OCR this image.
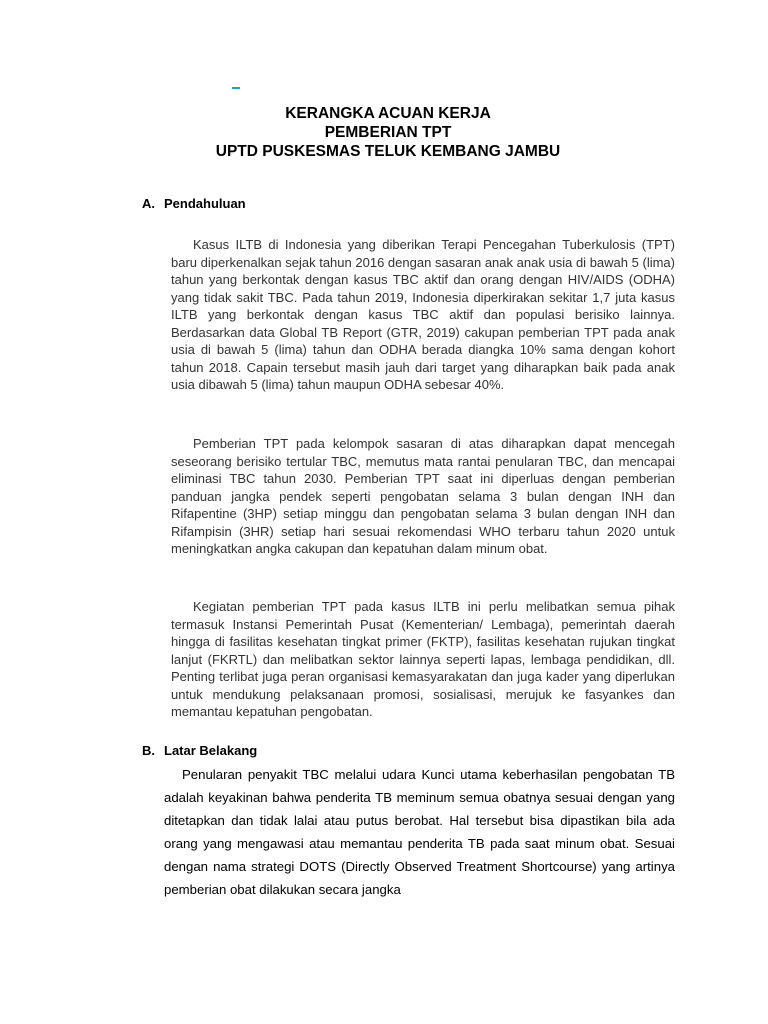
KERANGKA ACUAN KERJA
PEMBERIAN TPT
UPTD PUSKESMAS TELUK KEMBANG JAMBU
A. Pendahuluan

Kasus ILTB di Indonesia yang diberikan Terapi Pencegahan Tuberkulosis (TPT) baru diperkenalkan sejak tahun 2016 dengan sasaran anak anak usia di bawah 5 (lima) tahun yang berkontak dengan kasus TBC aktif dan orang dengan HIV/AIDS (ODHA) yang tidak sakit TBC. Pada tahun 2019, Indonesia diperkirakan sekitar 1,7 juta kasus ILTB yang berkontak dengan kasus TBC aktif dan populasi berisiko lainnya. Berdasarkan data Global TB Report (GTR, 2019) cakupan pemberian TPT pada anak usia di bawah 5 (lima) tahun dan ODHA berada diangka 10% sama dengan kohort tahun 2018. Capain tersebut masih jauh dari target yang diharapkan baik pada anak usia dibawah 5 (lima) tahun maupun ODHA sebesar 40%.

Pemberian TPT pada kelompok sasaran di atas diharapkan dapat mencegah seseorang berisiko tertular TBC, memutus mata rantai penularan TBC, dan mencapai eliminasi TBC tahun 2030. Pemberian TPT saat ini diperluas dengan pemberian panduan jangka pendek seperti pengobatan selama 3 bulan dengan INH dan Rifapentine (3HP) setiap minggu dan pengobatan selama 3 bulan dengan INH dan Rifampisin (3HR) setiap hari sesuai rekomendasi WHO terbaru tahun 2020 untuk meningkatkan angka cakupan dan kepatuhan dalam minum obat.

Kegiatan pemberian TPT pada kasus ILTB ini perlu melibatkan semua pihak termasuk Instansi Pemerintah Pusat (Kementerian/ Lembaga), pemerintah daerah hingga di fasilitas kesehatan tingkat primer (FKTP), fasilitas kesehatan rujukan tingkat lanjut (FKRTL) dan melibatkan sektor lainnya seperti lapas, lembaga pendidikan, dll. Penting terlibat juga peran organisasi kemasyarakatan dan juga kader yang diperlukan untuk mendukung pelaksanaan promosi, sosialisasi, merujuk ke fasyankes dan memantau kepatuhan pengobatan.

B. Latar Belakang

Penularan penyakit TBC melalui udara Kunci utama keberhasilan pengobatan TB adalah keyakinan bahwa penderita TB meminum semua obatnya sesuai dengan yang ditetapkan dan tidak lalai atau putus berobat. Hal tersebut bisa dipastikan bila ada orang yang mengawasi atau memantau penderita TB pada saat minum obat. Sesuai dengan nama strategi DOTS (Directly Observed Treatment Shortcourse) yang artinya pemberian obat dilakukan secara jangka
